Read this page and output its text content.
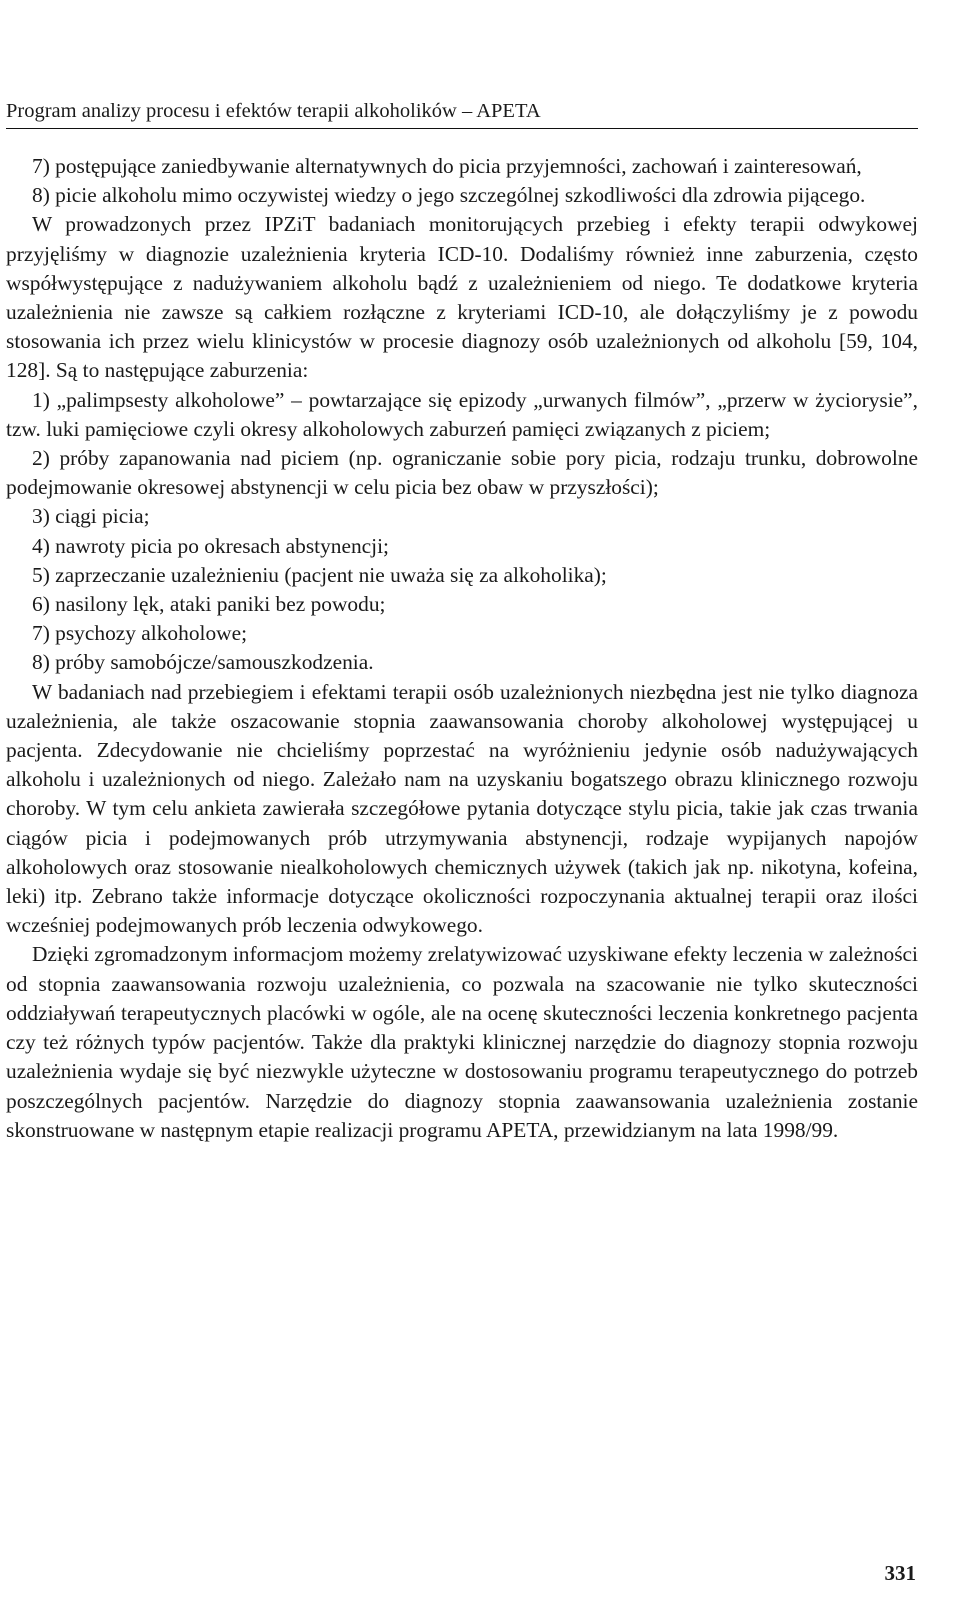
Program analizy procesu i efektów terapii alkoholików – APETA

7) postępujące zaniedbywanie alternatywnych do picia przyjemności, zachowań i zainteresowań,

8) picie alkoholu mimo oczywistej wiedzy o jego szczególnej szkodliwości dla zdrowia pijącego.

W prowadzonych przez IPZiT badaniach monitorujących przebieg i efekty terapii odwykowej przyjęliśmy w diagnozie uzależnienia kryteria ICD-10. Dodaliśmy również inne zaburzenia, często współwystępujące z nadużywaniem alkoholu bądź z uzależnieniem od niego. Te dodatkowe kryteria uzależnienia nie zawsze są całkiem rozłączne z kryteriami ICD-10, ale dołączyliśmy je z powodu stosowania ich przez wielu klinicystów w procesie diagnozy osób uzależnionych od alkoholu [59, 104, 128]. Są to następujące zaburzenia:

1) „palimpsesty alkoholowe” – powtarzające się epizody „urwanych filmów”, „przerw w życiorysie”, tzw. luki pamięciowe czyli okresy alkoholowych zaburzeń pamięci związanych z piciem;

2) próby zapanowania nad piciem (np. ograniczanie sobie pory picia, rodzaju trunku, dobrowolne podejmowanie okresowej abstynencji w celu picia bez obaw w przyszłości);

3) ciągi picia;

4) nawroty picia po okresach abstynencji;

5) zaprzeczanie uzależnieniu (pacjent nie uważa się za alkoholika);

6) nasilony lęk, ataki paniki bez powodu;

7) psychozy alkoholowe;

8) próby samobójcze/samouszkodzenia.

W badaniach nad przebiegiem i efektami terapii osób uzależnionych niezbędna jest nie tylko diagnoza uzależnienia, ale także oszacowanie stopnia zaawansowania choroby alkoholowej występującej u pacjenta. Zdecydowanie nie chcieliśmy poprzestać na wyróżnieniu jedynie osób nadużywających alkoholu i uzależnionych od niego. Zależało nam na uzyskaniu bogatszego obrazu klinicznego rozwoju choroby. W tym celu ankieta zawierała szczegółowe pytania dotyczące stylu picia, takie jak czas trwania ciągów picia i podejmowanych prób utrzymywania abstynencji, rodzaje wypijanych napojów alkoholowych oraz stosowanie niealkoholowych chemicznych używek (takich jak np. nikotyna, kofeina, leki) itp. Zebrano także informacje dotyczące okoliczności rozpoczynania aktualnej terapii oraz ilości wcześniej podejmowanych prób leczenia odwykowego.

Dzięki zgromadzonym informacjom możemy zrelatywizować uzyskiwane efekty leczenia w zależności od stopnia zaawansowania rozwoju uzależnienia, co pozwala na szacowanie nie tylko skuteczności oddziaływań terapeutycznych placówki w ogóle, ale na ocenę skuteczności leczenia konkretnego pacjenta czy też różnych typów pacjentów. Także dla praktyki klinicznej narzędzie do diagnozy stopnia rozwoju uzależnienia wydaje się być niezwykle użyteczne w dostosowaniu programu terapeutycznego do potrzeb poszczególnych pacjentów. Narzędzie do diagnozy stopnia zaawansowania uzależnienia zostanie skonstruowane w następnym etapie realizacji programu APETA, przewidzianym na lata 1998/99.

331
